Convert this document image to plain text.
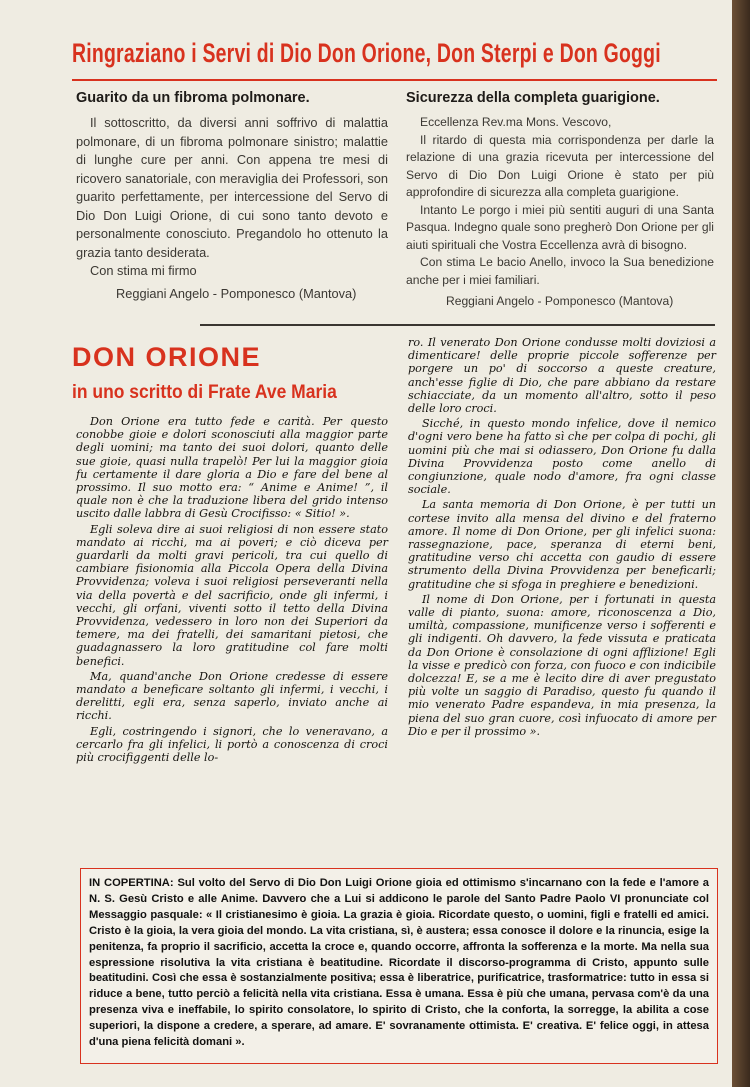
Ringraziano i Servi di Dio Don Orione, Don Sterpi e Don Goggi
Guarito da un fibroma polmonare.

Il sottoscritto, da diversi anni soffrivo di malattia polmonare, di un fibroma polmonare sinistro; malattie di lunghe cure per anni. Con appena tre mesi di ricovero sanatoriale, con meraviglia dei Professori, son guarito perfettamente, per intercessione del Servo di Dio Don Luigi Orione, di cui sono tanto devoto e personalmente conosciuto. Pregandolo ho ottenuto la grazia tanto desiderata.

Con stima mi firmo

Reggiani Angelo - Pomponesco (Mantova)

Sicurezza della completa guarigione.

Eccellenza Rev.ma Mons. Vescovo,

Il ritardo di questa mia corrispondenza per darle la relazione di una grazia ricevuta per intercessione del Servo di Dio Don Luigi Orione è stato per più approfondire di sicurezza alla completa guarigione.

Intanto Le porgo i miei più sentiti auguri di una Santa Pasqua. Indegno quale sono pregherò Don Orione per gli aiuti spirituali che Vostra Eccellenza avrà di bisogno.

Con stima Le bacio Anello, invoco la Sua benedizione anche per i miei familiari.

Reggiani Angelo - Pomponesco (Mantova)

DON ORIONE
in uno scritto di Frate Ave Maria

Don Orione era tutto fede e carità. Per questo conobbe gioie e dolori sconosciuti alla maggior parte degli uomini; ma tanto dei suoi dolori, quanto delle sue gioie, quasi nulla trapelò! Per lui la maggior gioia fu certamente il dare gloria a Dio e fare del bene al prossimo. Il suo motto era: “ Anime e Anime! ”, il quale non è che la traduzione libera del grido intenso uscito dalle labbra di Gesù Crocifisso: « Sitio! ».

Egli soleva dire ai suoi religiosi di non essere stato mandato ai ricchi, ma ai poveri; e ciò diceva per guardarli da molti gravi pericoli, tra cui quello di cambiare fisionomia alla Piccola Opera della Divina Provvidenza; voleva i suoi religiosi perseveranti nella via della povertà e del sacrificio, onde gli infermi, i vecchi, gli orfani, viventi sotto il tetto della Divina Provvidenza, vedessero in loro non dei Superiori da temere, ma dei fratelli, dei samaritani pietosi, che guadagnassero la loro gratitudine col fare molti benefici.

Ma, quand'anche Don Orione credesse di essere mandato a beneficare soltanto gli infermi, i vecchi, i derelitti, egli era, senza saperlo, inviato anche ai ricchi.

Egli, costringendo i signori, che lo veneravano, a cercarlo fra gli infelici, li portò a conoscenza di croci più crocifiggenti delle lo-

ro. Il venerato Don Orione condusse molti doviziosi a dimenticare! delle proprie piccole sofferenze per porgere un po' di soccorso a queste creature, anch'esse figlie di Dio, che pare abbiano da restare schiacciate, da un momento all'altro, sotto il peso delle loro croci.

Sicché, in questo mondo infelice, dove il nemico d'ogni vero bene ha fatto sì che per colpa di pochi, gli uomini più che mai si odiassero, Don Orione fu dalla Divina Provvidenza posto come anello di congiunzione, quale nodo d'amore, fra ogni classe sociale.

La santa memoria di Don Orione, è per tutti un cortese invito alla mensa del divino e del fraterno amore. Il nome di Don Orione, per gli infelici suona: rassegnazione, pace, speranza di eterni beni, gratitudine verso chi accetta con gaudio di essere strumento della Divina Provvidenza per beneficarli; gratitudine che si sfoga in preghiere e benedizioni.

Il nome di Don Orione, per i fortunati in questa valle di pianto, suona: amore, riconoscenza a Dio, umiltà, compassione, munificenze verso i sofferenti e gli indigenti. Oh davvero, la fede vissuta e praticata da Don Orione è consolazione di ogni afflizione! Egli la visse e predicò con forza, con fuoco e con indicibile dolcezza! E, se a me è lecito dire di aver pregustato più volte un saggio di Paradiso, questo fu quando il mio venerato Padre espandeva, in mia presenza, la piena del suo gran cuore, così infuocato di amore per Dio e per il prossimo ».

IN COPERTINA: Sul volto del Servo di Dio Don Luigi Orione gioia ed ottimismo s'incarnano con la fede e l'amore a N. S. Gesù Cristo e alle Anime. Davvero che a Lui si addicono le parole del Santo Padre Paolo VI pronunciate col Messaggio pasquale: « Il cristianesimo è gioia. La grazia è gioia. Ricordate questo, o uomini, figli e fratelli ed amici. Cristo è la gioia, la vera gioia del mondo. La vita cristiana, sì, è austera; essa conosce il dolore e la rinuncia, esige la penitenza, fa proprio il sacrificio, accetta la croce e, quando occorre, affronta la sofferenza e la morte. Ma nella sua espressione risolutiva la vita cristiana è beatitudine. Ricordate il discorso-programma di Cristo, appunto sulle beatitudini. Così che essa è sostanzialmente positiva; essa è liberatrice, purificatrice, trasformatrice: tutto in essa si riduce a bene, tutto perciò a felicità nella vita cristiana. Essa è umana. Essa è più che umana, pervasa com'è da una presenza viva e ineffabile, lo spirito consolatore, lo spirito di Cristo, che la conforta, la sorregge, la abilita a cose superiori, la dispone a credere, a sperare, ad amare. E' sovranamente ottimista. E' creativa. E' felice oggi, in attesa d'una piena felicità domani ».
